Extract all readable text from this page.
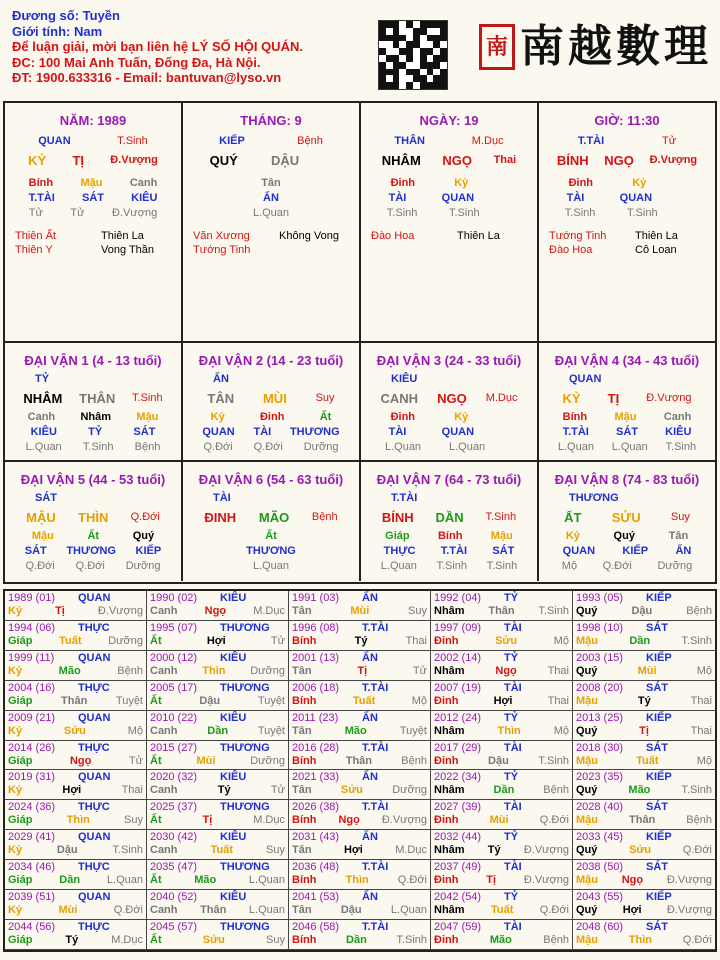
Đương số: Tuyền
Giới tính: Nam
Để luận giải, mời bạn liên hệ LÝ SỐ HỘI QUÁN.
ĐC: 100 Mai Anh Tuấn, Đống Đa, Hà Nội.
ĐT: 1900.633316 - Email: bantuvan@lyso.vn
南 南越數理
NĂM: 1989
QUAN	T.Sinh
KỶ TỊ Đ.Vượng
Bính Mậu Canh
T.TÀI SÁT KIÊU
Tử	Tử	Đ.Vượng
Thiên Ất	Thiên La
Thiên Y	Vong Thần
THÁNG: 9
KIẾP	Bệnh
QUÝ	DẬU
Tân
ẤN
L.Quan
Văn Xương	Không Vong
Tướng Tinh
NGÀY: 19
THÂN	M.Dục
NHÂM NGỌ Thai
Đinh	Kỷ
TÀI	QUAN
T.Sinh	T.Sinh
Đào Hoa	Thiên La
GIỜ: 11:30
T.TÀI	Tử
BÍNH NGỌ Đ.Vượng
Đinh	Kỷ
TÀI	QUAN
T.Sinh	T.Sinh
Tướng Tinh	Thiên La
Đào Hoa	Cô Loan
ĐẠI VẬN 1 (4 - 13 tuổi)
TỶ
NHÂM THÂN T.Sinh
Canh Nhâm Mậu
KIÊU	TỶ	SÁT
L.Quan T.Sinh Bệnh
ĐẠI VẬN 2 (14 - 23 tuổi)
ẤN
TÂN MÙI	Suy
Kỷ	Đinh	Ất
QUAN TÀI THƯƠNG
Q.Đới Q.Đới Dưỡng
ĐẠI VẬN 3 (24 - 33 tuổi)
KIÊU
CANH NGỌ M.Dục
Đinh	Kỷ
TÀI	QUAN
L.Quan	L.Quan
ĐẠI VẬN 4 (34 - 43 tuổi)
QUAN
KỶ TỊ Đ.Vượng
Bính Mậu Canh
T.TÀI SÁT KIÊU
L.Quan L.Quan T.Sinh
ĐẠI VẬN 5 (44 - 53 tuổi)
SÁT
MẬU THÌN Q.Đới
Mậu	Ất	Quý
SÁT THƯƠNG KIẾP
Q.Đới Q.Đới Dưỡng
ĐẠI VẬN 6 (54 - 63 tuổi)
TÀI
ĐINH MÃO Bệnh
Ất
THƯƠNG
L.Quan
ĐẠI VẬN 7 (64 - 73 tuổi)
T.TÀI
BÍNH DẦN T.Sinh
Giáp	Bính	Mậu
THỰC T.TÀI SÁT
L.Quan T.Sinh T.Sinh
ĐẠI VẬN 8 (74 - 83 tuổi)
THƯƠNG
ẤT SỬU	Suy
Kỷ	Quý	Tân
QUAN KIẾP ẤN
Mộ Q.Đới Dưỡng
1989 (01) QUAN
Kỷ	Tị	Đ.Vượng
1990 (02) KIÊU
Canh Ngọ M.Dục
1991 (03) ẤN
Tân	Mùi	Suy
1992 (04) TỶ
Nhâm Thân T.Sinh
1993 (05) KIẾP
Quý	Dậu	Bệnh
1994 (06) THỰC
Giáp Tuất Dưỡng
1995 (07) THƯƠNG
Ất	Hợi	Tử
1996 (08) T.TÀI
Bính	Tý	Thai
1997 (09) TÀI
Đinh	Sửu	Mộ
1998 (10) SÁT
Mậu	Dần	T.Sinh
1999 (11) QUAN
Kỷ	Mão	Bệnh
2000 (12) KIÊU
Canh Thìn Dưỡng
2001 (13) ẤN
Tân	Tị	Tử
2002 (14) TỶ
Nhâm	Ngọ	Thai
2003 (15) KIẾP
Quý	Mùi	Mộ
2004 (16) THỰC
Giáp	Thân	Tuyệt
2005 (17) THƯƠNG
Ất	Dậu	Tuyệt
2006 (18) T.TÀI
Bính	Tuất	Mộ
2007 (19) TÀI
Đinh	Hợi	Thai
2008 (20) SÁT
Mậu	Tý	Thai
2009 (21) QUAN
Kỷ	Sửu	Mộ
2010 (22) KIÊU
Canh	Dần	Tuyệt
2011 (23) ẤN
Tân	Mão	Tuyệt
2012 (24) TỶ
Nhâm	Thìn	Mộ
2013 (25) KIẾP
Quý	Tị	Thai
2014 (26) THỰC
Giáp	Ngọ	Tử
2015 (27) THƯƠNG
Ất	Mùi	Dưỡng
2016 (28) T.TÀI
Bính	Thân	Bệnh
2017 (29) TÀI
Đinh	Dậu	T.Sinh
2018 (30) SÁT
Mậu	Tuất	Mộ
2019 (31) QUAN
Kỷ	Hợi	Thai
2020 (32) KIÊU
Canh	Tý	Tử
2021 (33) ẤN
Tân	Sửu	Dưỡng
2022 (34) TỶ
Nhâm	Dần	Bệnh
2023 (35) KIẾP
Quý	Mão	T.Sinh
2024 (36) THỰC
Giáp	Thìn	Suy
2025 (37) THƯƠNG
Ất	Tị	M.Dục
2026 (38) T.TÀI
Bính Ngọ Đ.Vượng
2027 (39) TÀI
Đinh	Mùi	Q.Đới
2028 (40) SÁT
Mậu	Thân	Bệnh
2029 (41) QUAN
Kỷ	Dậu	T.Sinh
2030 (42) KIÊU
Canh	Tuất	Suy
2031 (43) ẤN
Tân	Hợi	M.Dục
2032 (44) TỶ
Nhâm Tý Đ.Vượng
2033 (45) KIẾP
Quý	Sửu	Q.Đới
2034 (46) THỰC
Giáp Dần L.Quan
2035 (47) THƯƠNG
Ất	Mão	L.Quan
2036 (48) T.TÀI
Bính	Thìn	Q.Đới
2037 (49) TÀI
Đinh	Tị	Đ.Vượng
2038 (50) SÁT
Mậu Ngọ Đ.Vượng
2039 (51) QUAN
Kỷ	Mùi	Q.Đới
2040 (52) KIÊU
Canh Thân L.Quan
2041 (53) ẤN
Tân	Dậu	L.Quan
2042 (54) TỶ
Nhâm Tuất Q.Đới
2043 (55) KIẾP
Quý Hợi Đ.Vượng
2044 (56) THỰC
Giáp	Tý	M.Dục
2045 (57) THƯƠNG
Ất	Sửu	Suy
2046 (58) T.TÀI
Bính	Dần	T.Sinh
2047 (59) TÀI
Đinh	Mão	Bệnh
2048 (60) SÁT
Mậu	Thìn	Q.Đới
